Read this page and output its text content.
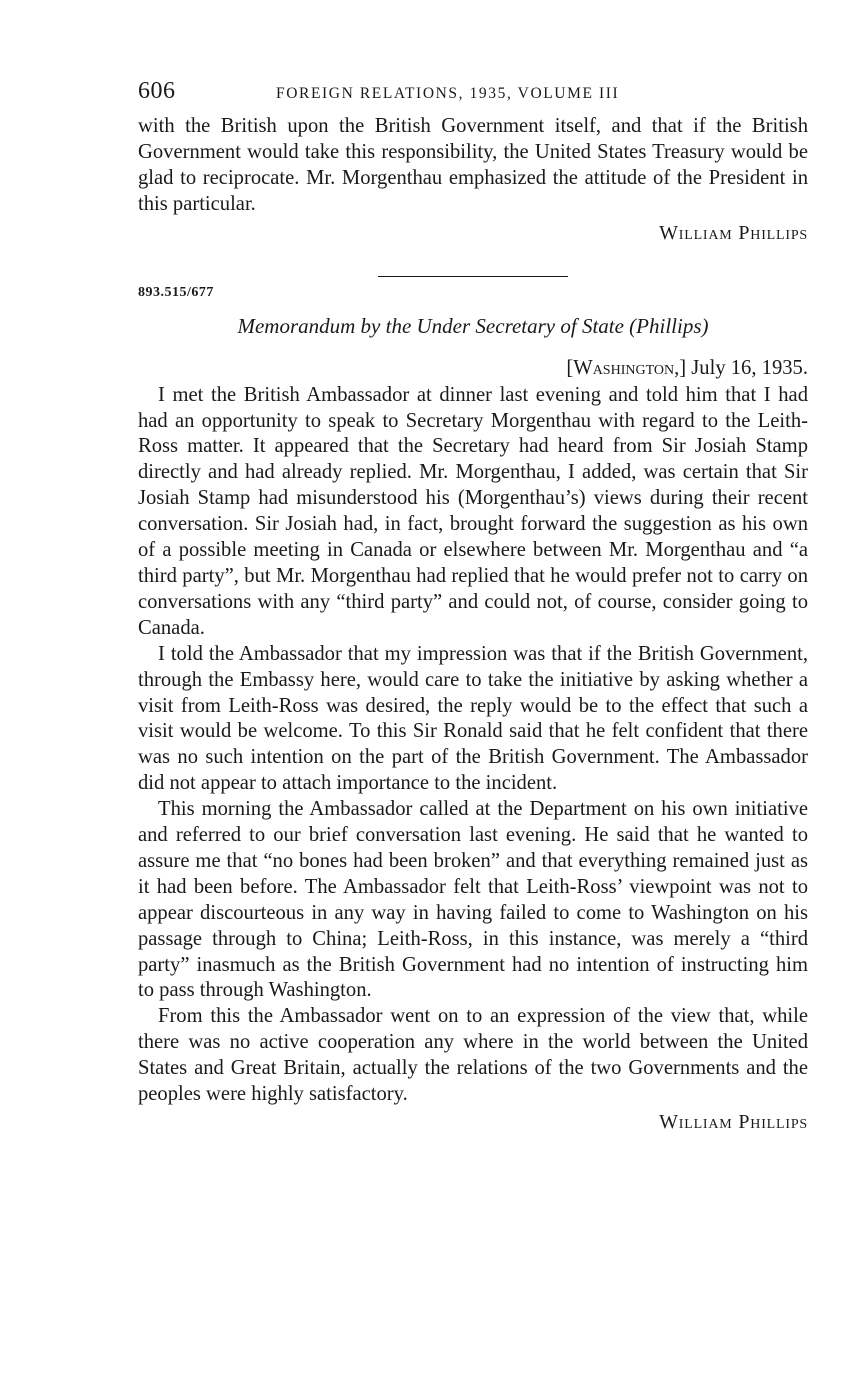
606	FOREIGN RELATIONS, 1935, VOLUME III

with the British upon the British Government itself, and that if the British Government would take this responsibility, the United States Treasury would be glad to reciprocate. Mr. Morgenthau emphasized the attitude of the President in this particular.

William Phillips
893.515/677
Memorandum by the Under Secretary of State (Phillips)
[Washington,] July 16, 1935.

I met the British Ambassador at dinner last evening and told him that I had had an opportunity to speak to Secretary Morgenthau with regard to the Leith-Ross matter. It appeared that the Secretary had heard from Sir Josiah Stamp directly and had already replied. Mr. Morgenthau, I added, was certain that Sir Josiah Stamp had misunderstood his (Morgenthau’s) views during their recent conversation. Sir Josiah had, in fact, brought forward the suggestion as his own of a possible meeting in Canada or elsewhere between Mr. Morgenthau and “a third party”, but Mr. Morgenthau had replied that he would prefer not to carry on conversations with any “third party” and could not, of course, consider going to Canada.

I told the Ambassador that my impression was that if the British Government, through the Embassy here, would care to take the initiative by asking whether a visit from Leith-Ross was desired, the reply would be to the effect that such a visit would be welcome. To this Sir Ronald said that he felt confident that there was no such intention on the part of the British Government. The Ambassador did not appear to attach importance to the incident.

This morning the Ambassador called at the Department on his own initiative and referred to our brief conversation last evening. He said that he wanted to assure me that “no bones had been broken” and that everything remained just as it had been before. The Ambassador felt that Leith-Ross’ viewpoint was not to appear discourteous in any way in having failed to come to Washington on his passage through to China; Leith-Ross, in this instance, was merely a “third party” inasmuch as the British Government had no intention of instructing him to pass through Washington.

From this the Ambassador went on to an expression of the view that, while there was no active cooperation any where in the world between the United States and Great Britain, actually the relations of the two Governments and the peoples were highly satisfactory.

William Phillips
